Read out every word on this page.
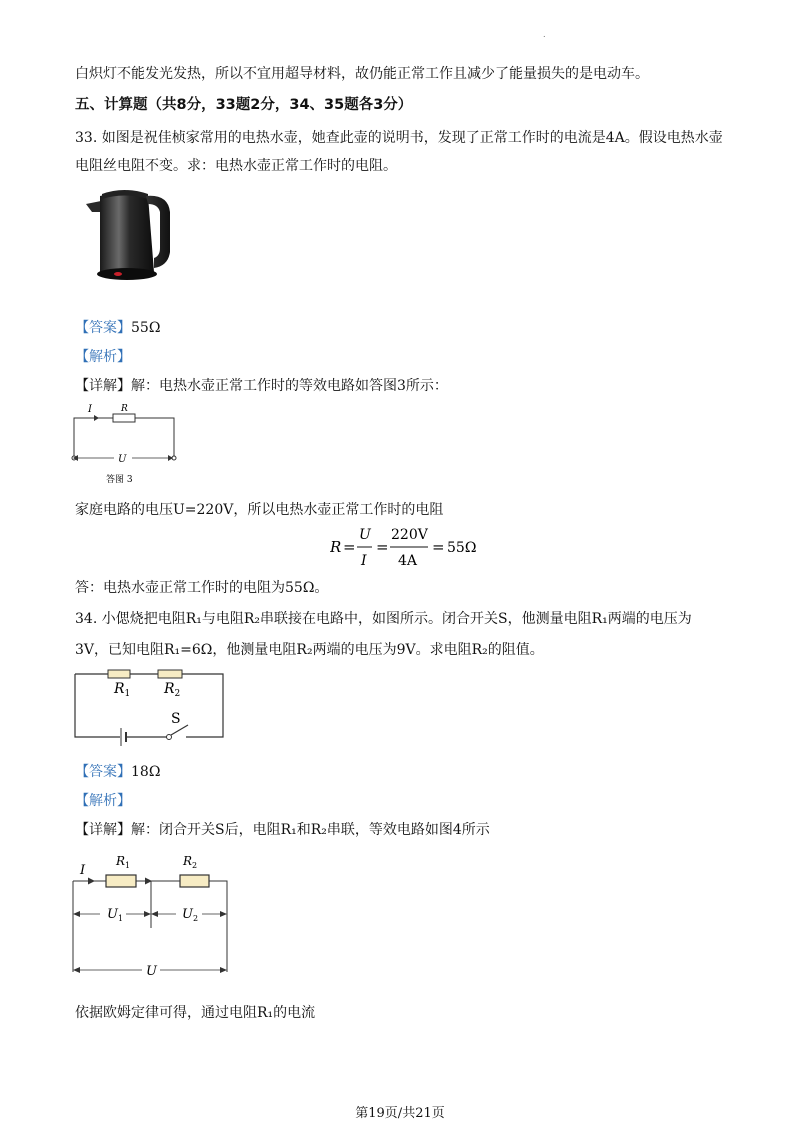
.
白炽灯不能发光发热，所以不宜用超导材料，故仍能正常工作且减少了能量损失的是电动车。
五、计算题（共8分，33题2分，34、35题各3分）
33. 如图是祝佳桢家常用的电热水壶，她查此壶的说明书，发现了正常工作时的电流是4A。假设电热水壶
电阻丝电阻不变。求：电热水壶正常工作时的电阻。
【答案】55Ω
【解析】
【详解】解：电热水壶正常工作时的等效电路如答图3所示：
I	R
U
答图 3
家庭电路的电压U=220V，所以电热水壶正常工作时的电阻
R =
U
I
=
220V
4A
= 55Ω
答：电热水壶正常工作时的电阻为55Ω。
34. 小偲烧把电阻R₁与电阻R₂串联接在电路中，如图所示。闭合开关S，他测量电阻R₁两端的电压为
3V，已知电阻R₁=6Ω，他测量电阻R₂两端的电压为9V。求电阻R₂的阻值。
$R_1$ $R_2$
S
【答案】18Ω
【解析】
【详解】解：闭合开关S后，电阻R₁和R₂串联，等效电路如图4所示
I
$R_1$	$R_2$
$U_1$	$U_2$
U
依据欧姆定律可得，通过电阻R₁的电流
第19页/共21页
